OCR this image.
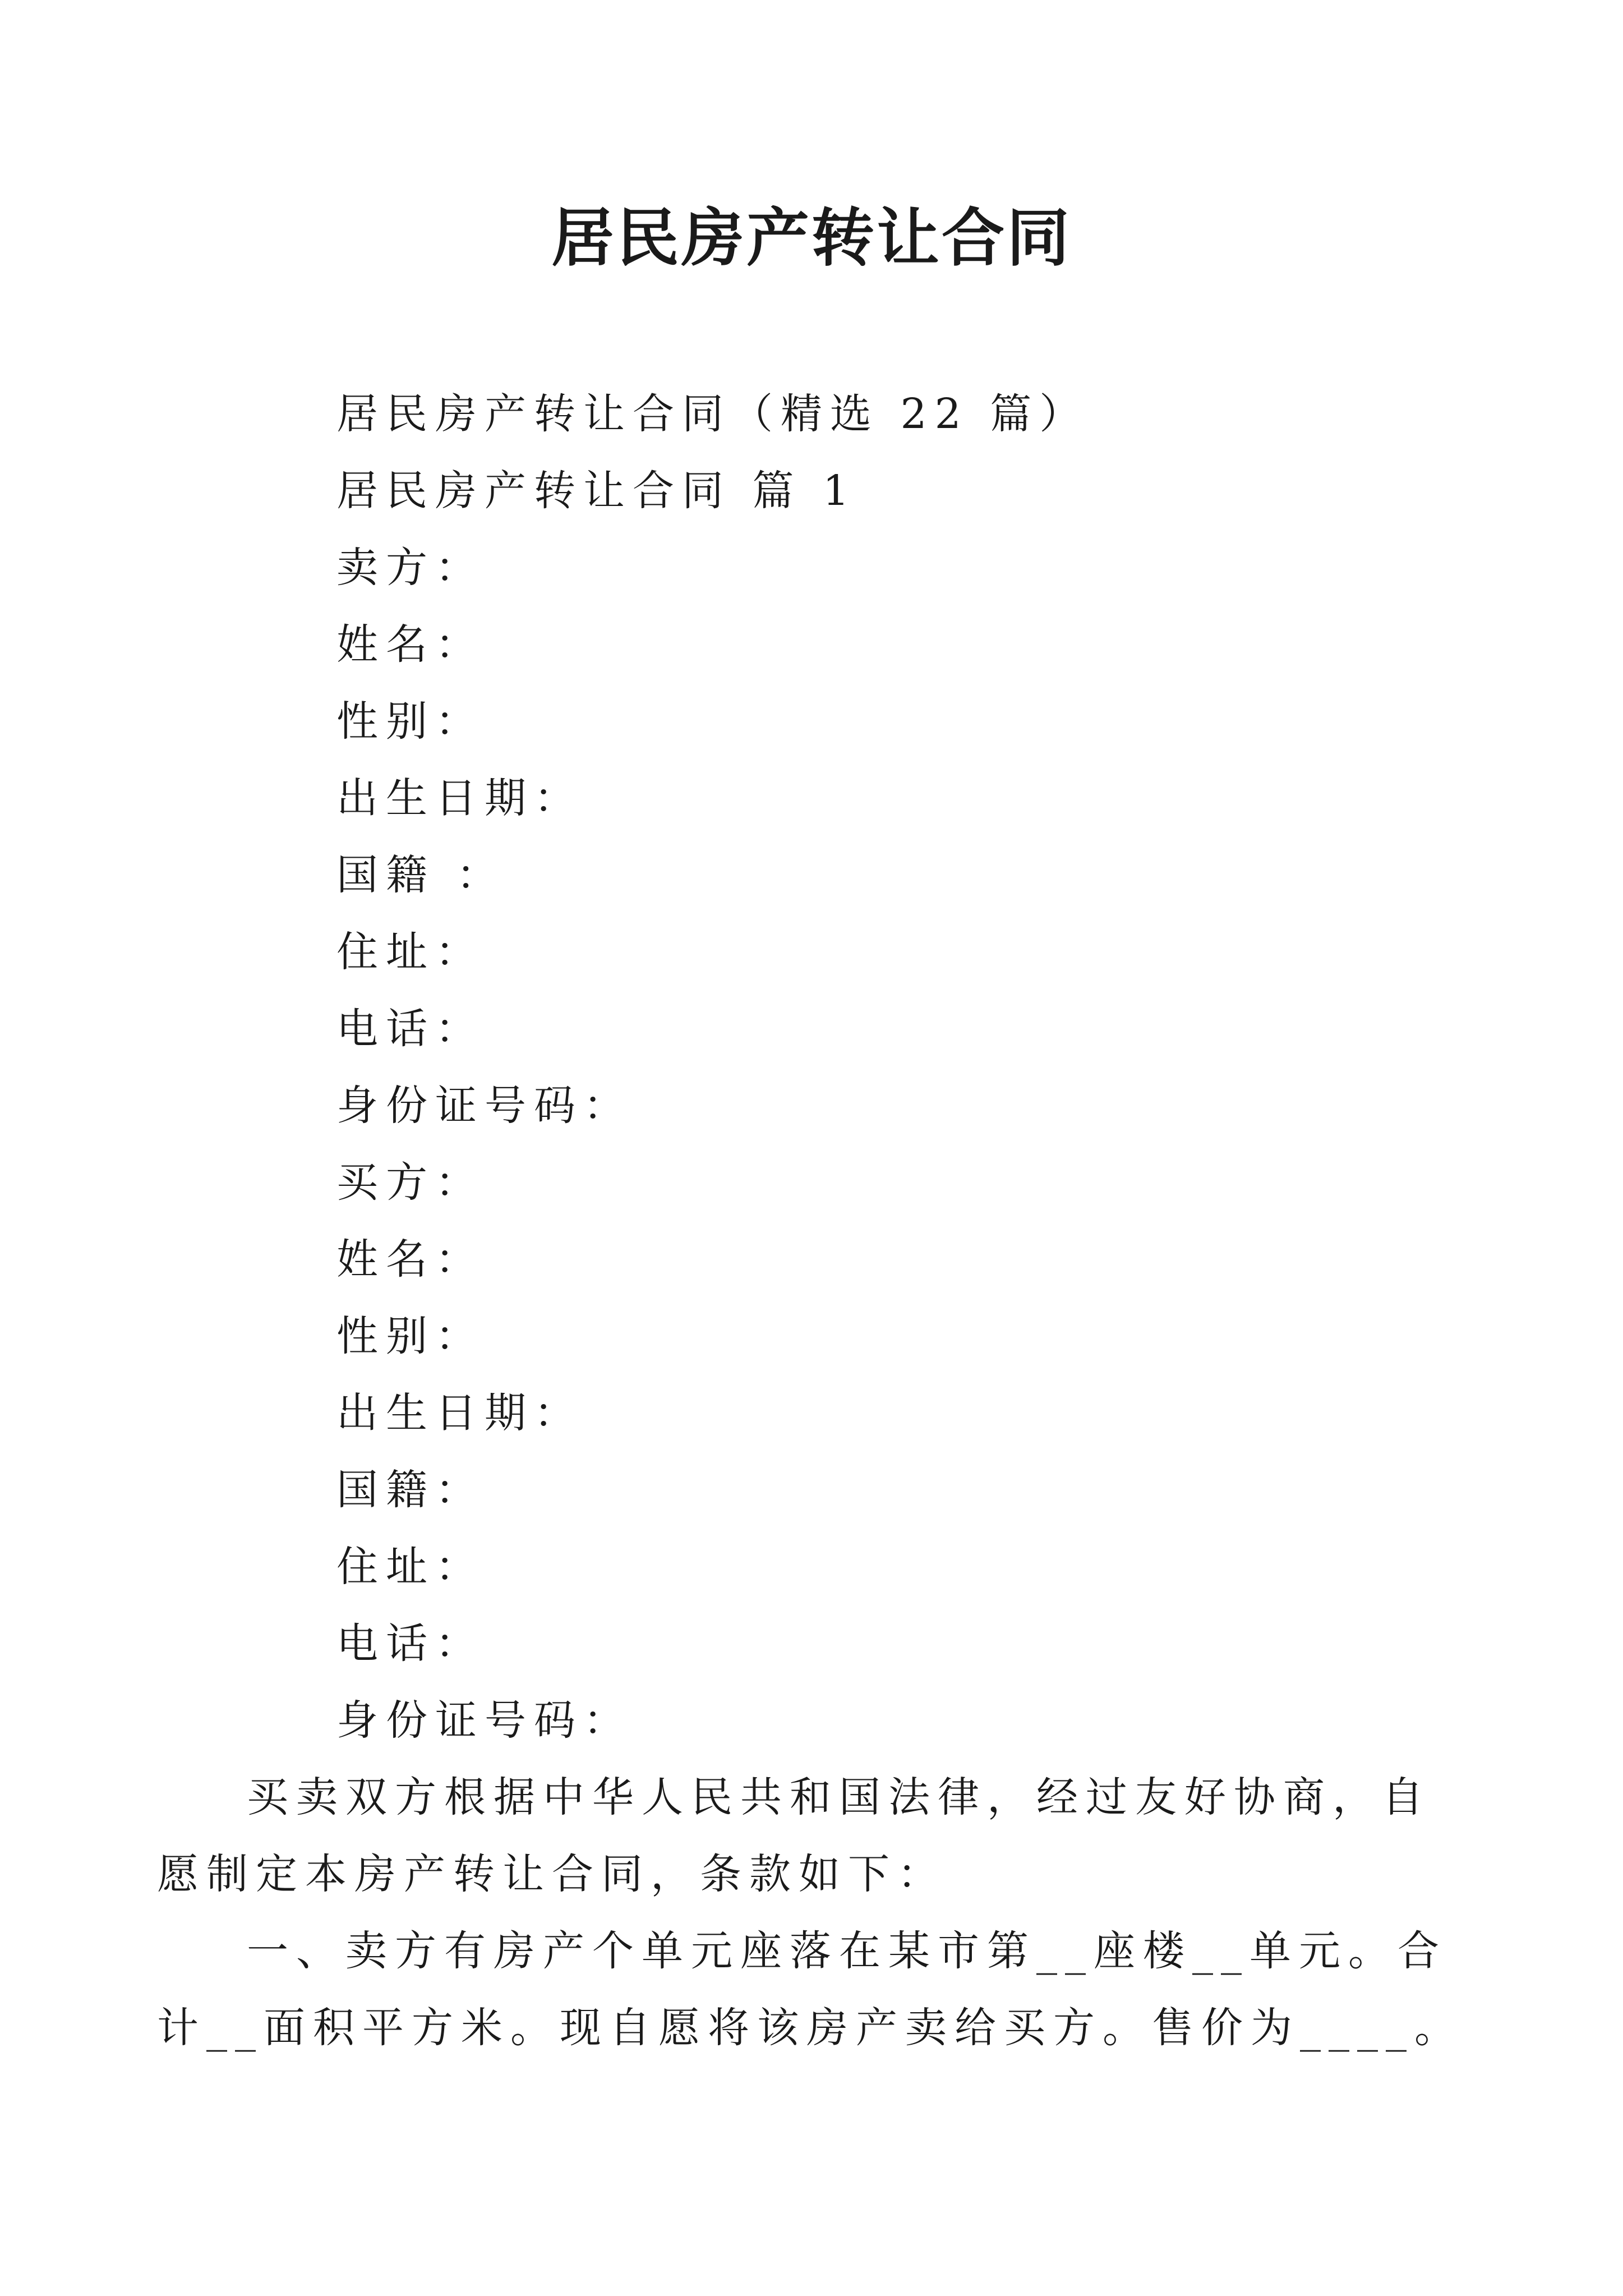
居民房产转让合同
居民房产转让合同（精选 22 篇）
居民房产转让合同 篇 1
卖方：
姓名：
性别：
出生日期：
国籍 ：
住址：
电话：
身份证号码：
买方：
姓名：
性别：
出生日期：
国籍：
住址：
电话：
身份证号码：
买卖双方根据中华人民共和国法律，经过友好协商，自
愿制定本房产转让合同，条款如下：
一、卖方有房产个单元座落在某市第__座楼__单元。合
计__面积平方米。现自愿将该房产卖给买方。售价为____。
